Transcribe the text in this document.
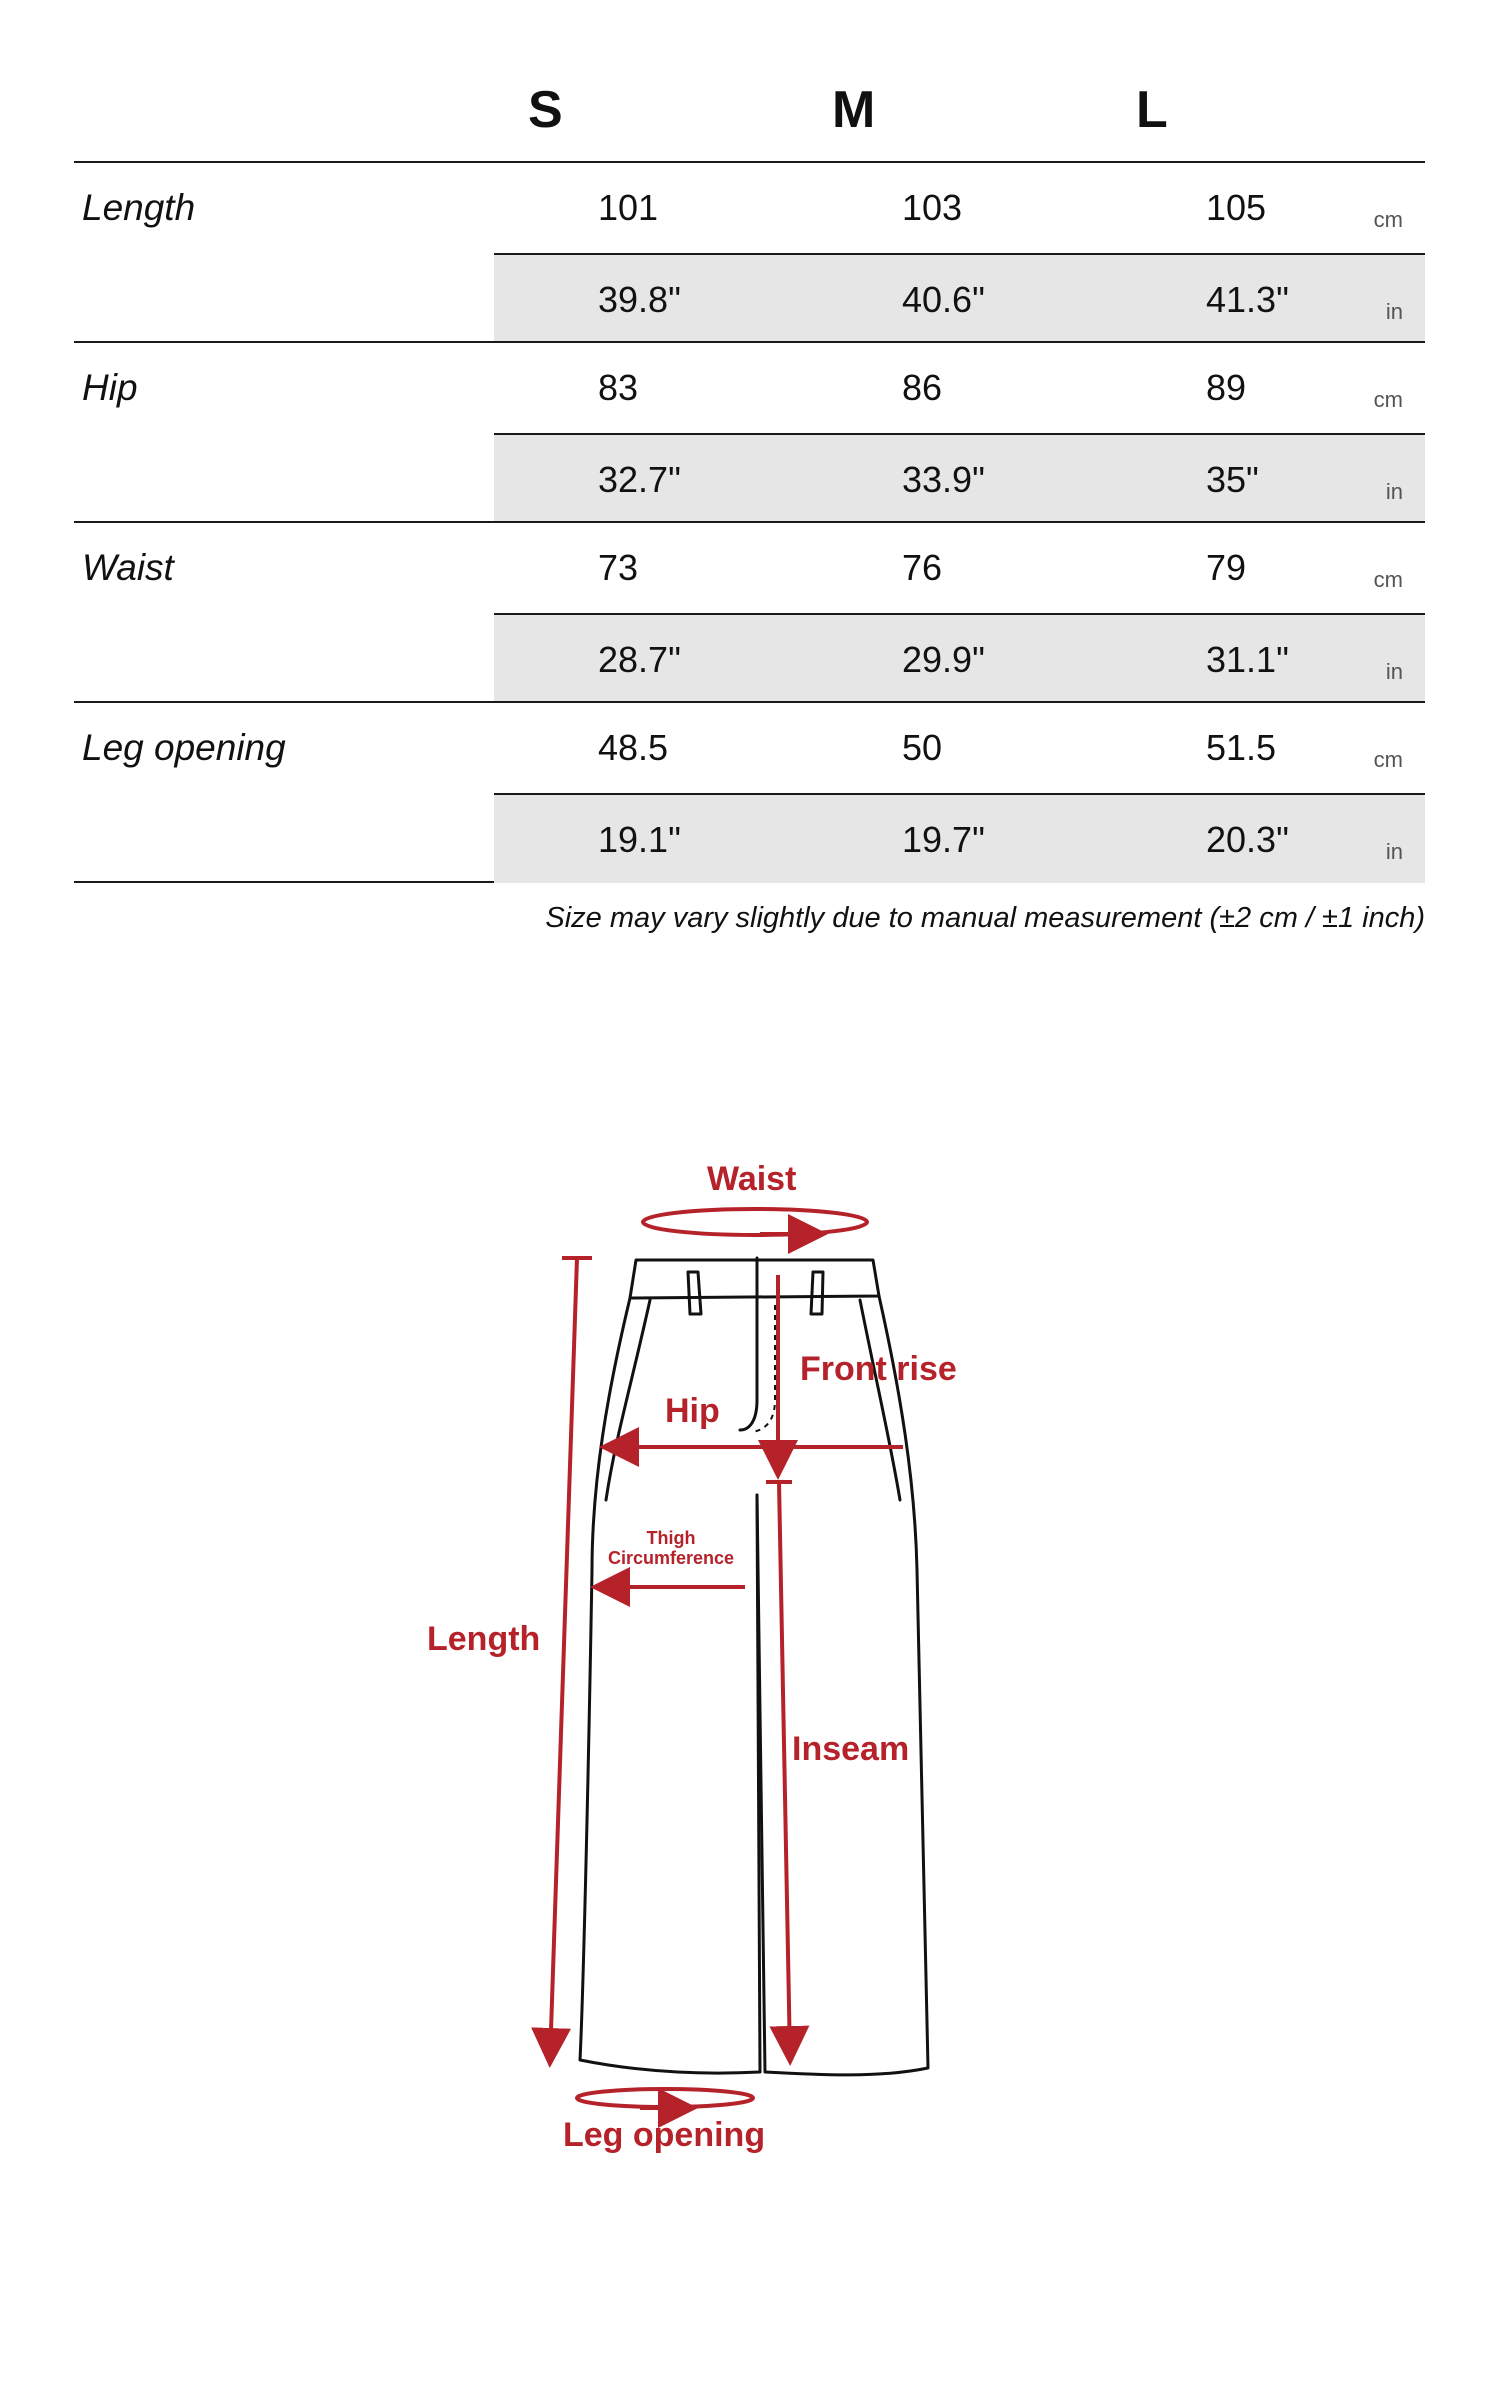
S	M	L
Length	101	103	105	cm
39.8"	40.6"	41.3"	in
Hip	83	86	89	cm
32.7"	33.9"	35"	in
Waist	73	76	79	cm
28.7"	29.9"	31.1"	in
Leg opening	48.5	50	51.5	cm
19.1"	19.7"	20.3"	in
Size may vary slightly due to manual measurement (±2 cm / ±1 inch)
Waist
Front rise
Hip
Thigh
Circumference
Length
Inseam
Leg opening
